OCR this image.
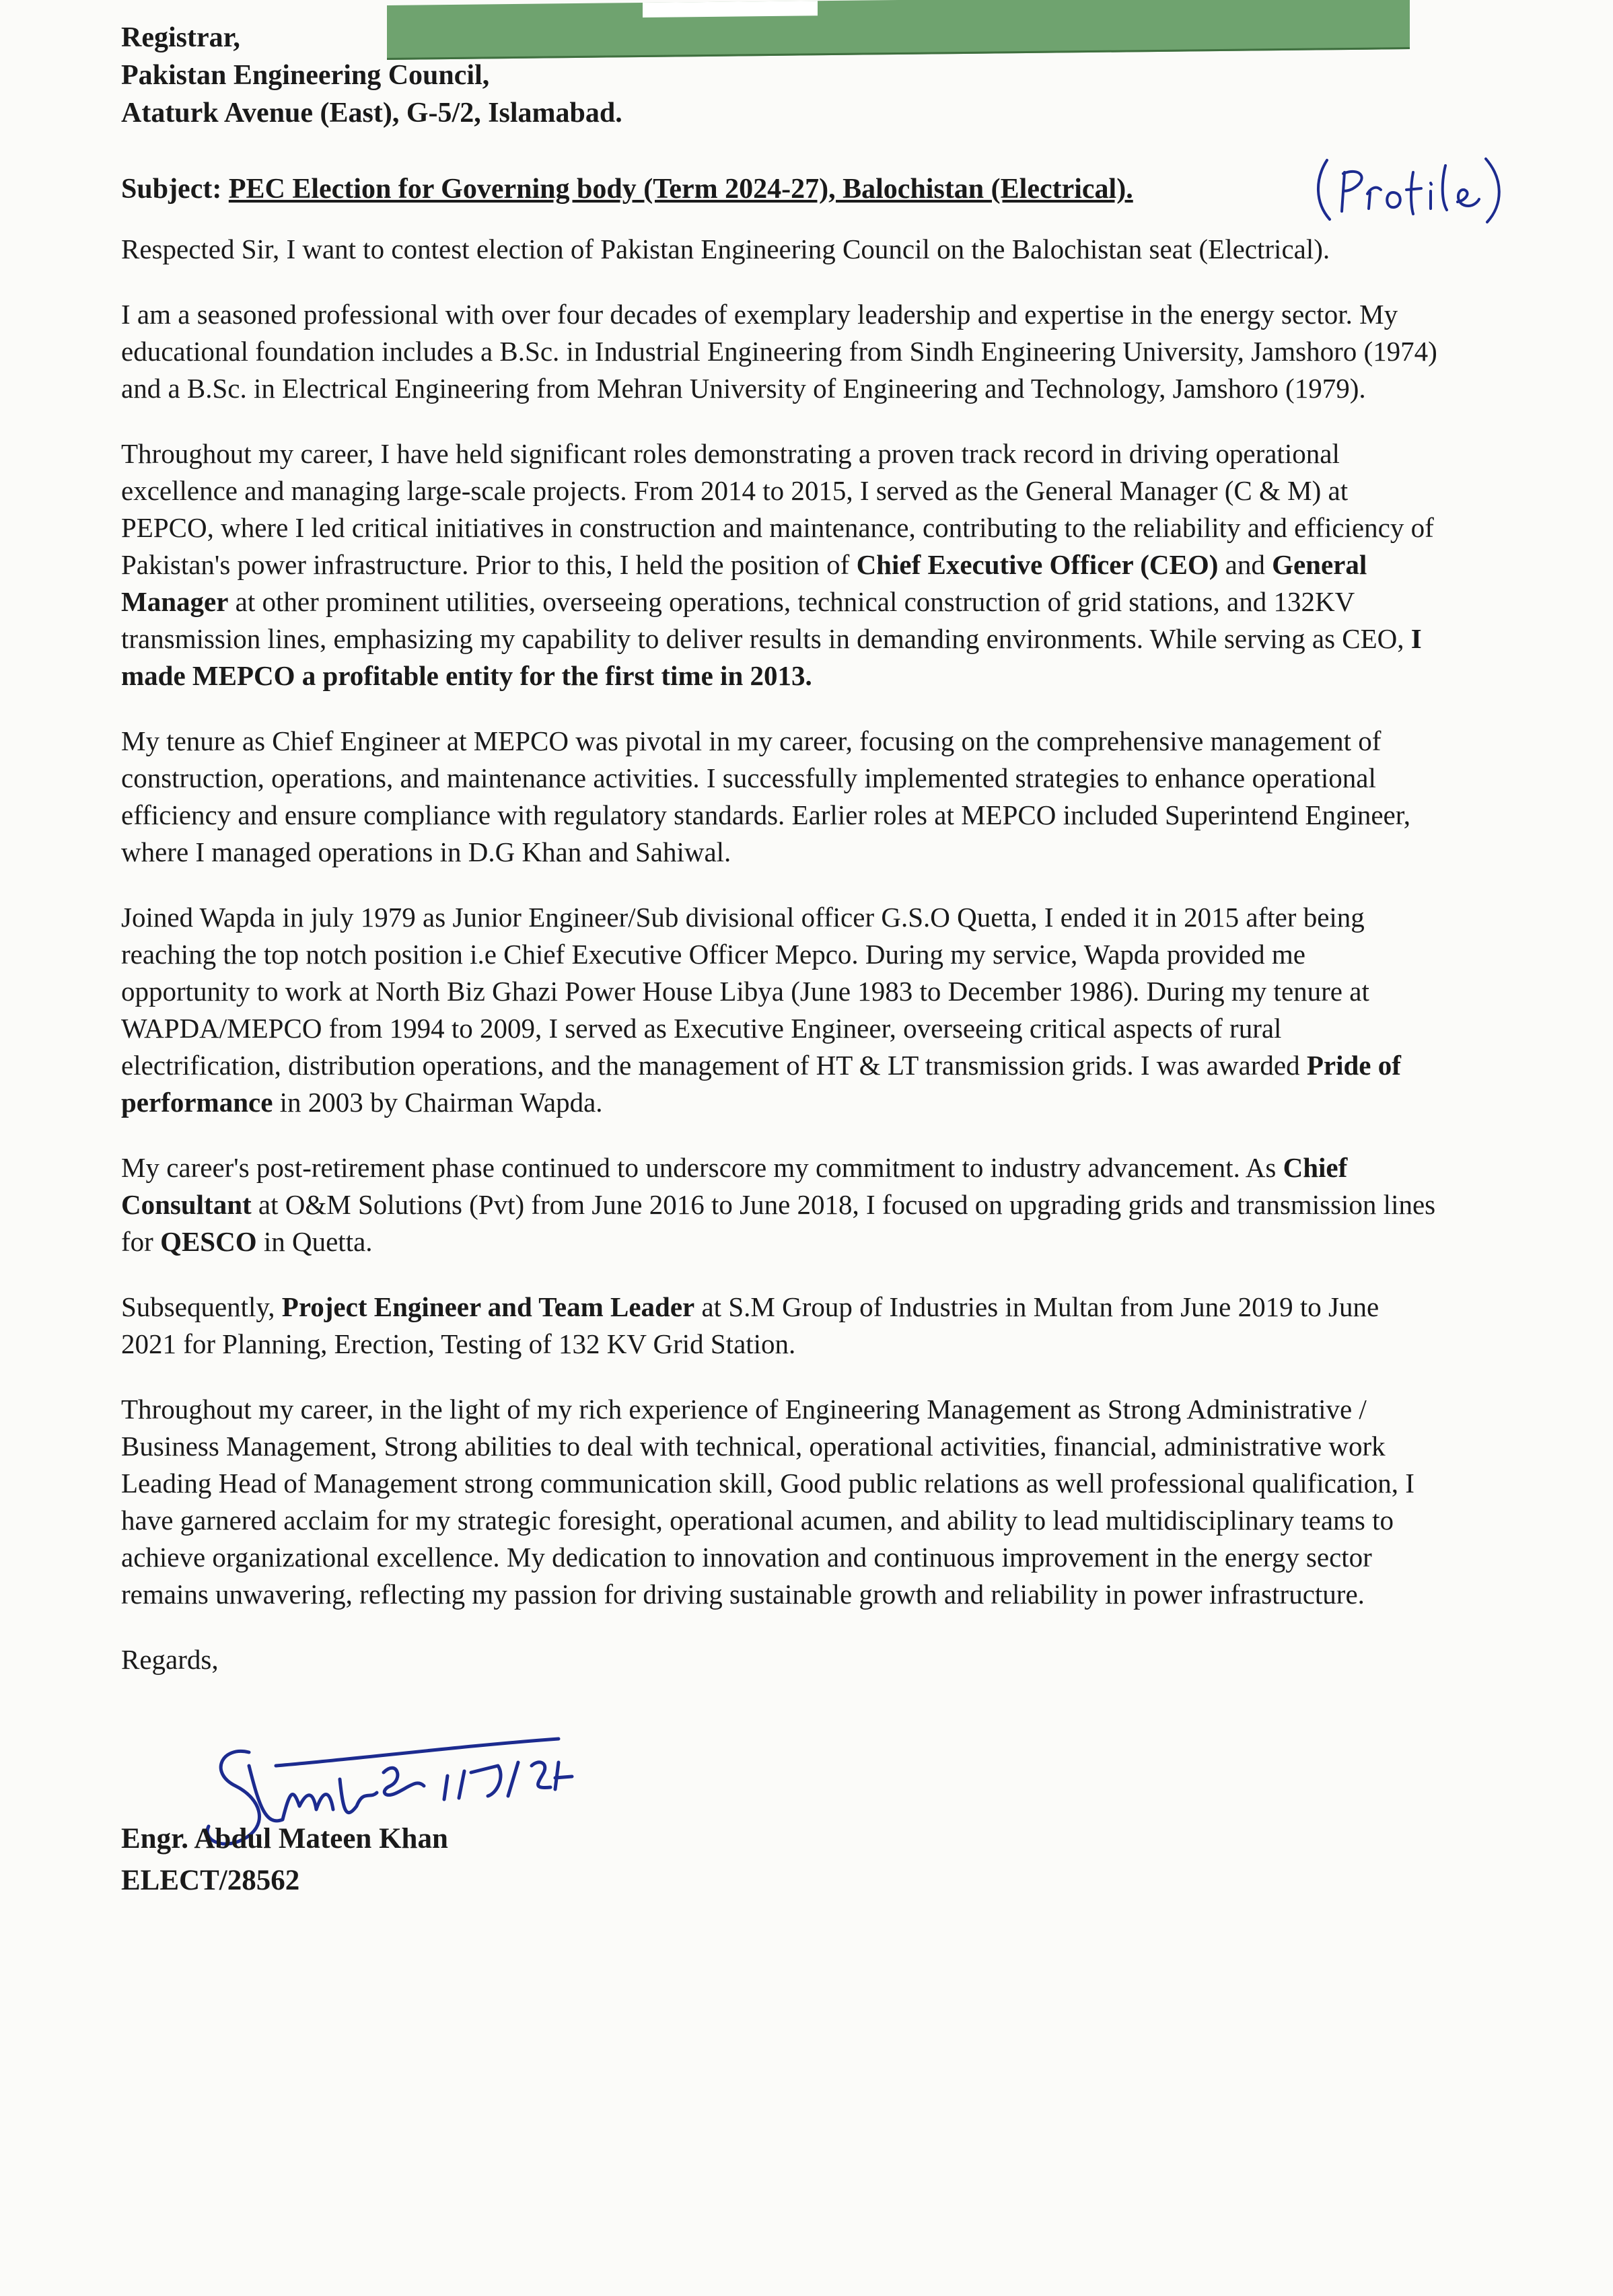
Registrar,

Pakistan Engineering Council,

Ataturk Avenue (East), G-5/2, Islamabad.

Subject: PEC Election for Governing body (Term 2024-27), Balochistan (Electrical).

Respected Sir, I want to contest election of Pakistan Engineering Council on the Balochistan seat (Electrical).

I am a seasoned professional with over four decades of exemplary leadership and expertise in the energy sector. My educational foundation includes a B.Sc. in Industrial Engineering from Sindh Engineering University, Jamshoro (1974) and a B.Sc. in Electrical Engineering from Mehran University of Engineering and Technology, Jamshoro (1979).

Throughout my career, I have held significant roles demonstrating a proven track record in driving operational excellence and managing large-scale projects. From 2014 to 2015, I served as the General Manager (C & M) at PEPCO, where I led critical initiatives in construction and maintenance, contributing to the reliability and efficiency of Pakistan's power infrastructure. Prior to this, I held the position of Chief Executive Officer (CEO) and General Manager at other prominent utilities, overseeing operations, technical construction of grid stations, and 132KV transmission lines, emphasizing my capability to deliver results in demanding environments. While serving as CEO, I made MEPCO a profitable entity for the first time in 2013.

My tenure as Chief Engineer at MEPCO was pivotal in my career, focusing on the comprehensive management of construction, operations, and maintenance activities. I successfully implemented strategies to enhance operational efficiency and ensure compliance with regulatory standards. Earlier roles at MEPCO included Superintend Engineer, where I managed operations in D.G Khan and Sahiwal.

Joined Wapda in july 1979 as Junior Engineer/Sub divisional officer G.S.O Quetta, I ended it in 2015 after being reaching the top notch position i.e Chief Executive Officer Mepco. During my service, Wapda provided me opportunity to work at North Biz Ghazi Power House Libya (June 1983 to December 1986). During my tenure at WAPDA/MEPCO from 1994 to 2009, I served as Executive Engineer, overseeing critical aspects of rural electrification, distribution operations, and the management of HT & LT transmission grids. I was awarded Pride of performance in 2003 by Chairman Wapda.

My career's post-retirement phase continued to underscore my commitment to industry advancement. As Chief Consultant at O&M Solutions (Pvt) from June 2016 to June 2018, I focused on upgrading grids and transmission lines for QESCO in Quetta.

Subsequently, Project Engineer and Team Leader at S.M Group of Industries in Multan from June 2019 to June 2021 for Planning, Erection, Testing of 132 KV Grid Station.

Throughout my career, in the light of my rich experience of Engineering Management as Strong Administrative / Business Management, Strong abilities to deal with technical, operational activities, financial, administrative work Leading Head of Management strong communication skill, Good public relations as well professional qualification, I have garnered acclaim for my strategic foresight, operational acumen, and ability to lead multidisciplinary teams to achieve organizational excellence. My dedication to innovation and continuous improvement in the energy sector remains unwavering, reflecting my passion for driving sustainable growth and reliability in power infrastructure.

Regards,

Engr. Abdul Mateen Khan
ELECT/28562
